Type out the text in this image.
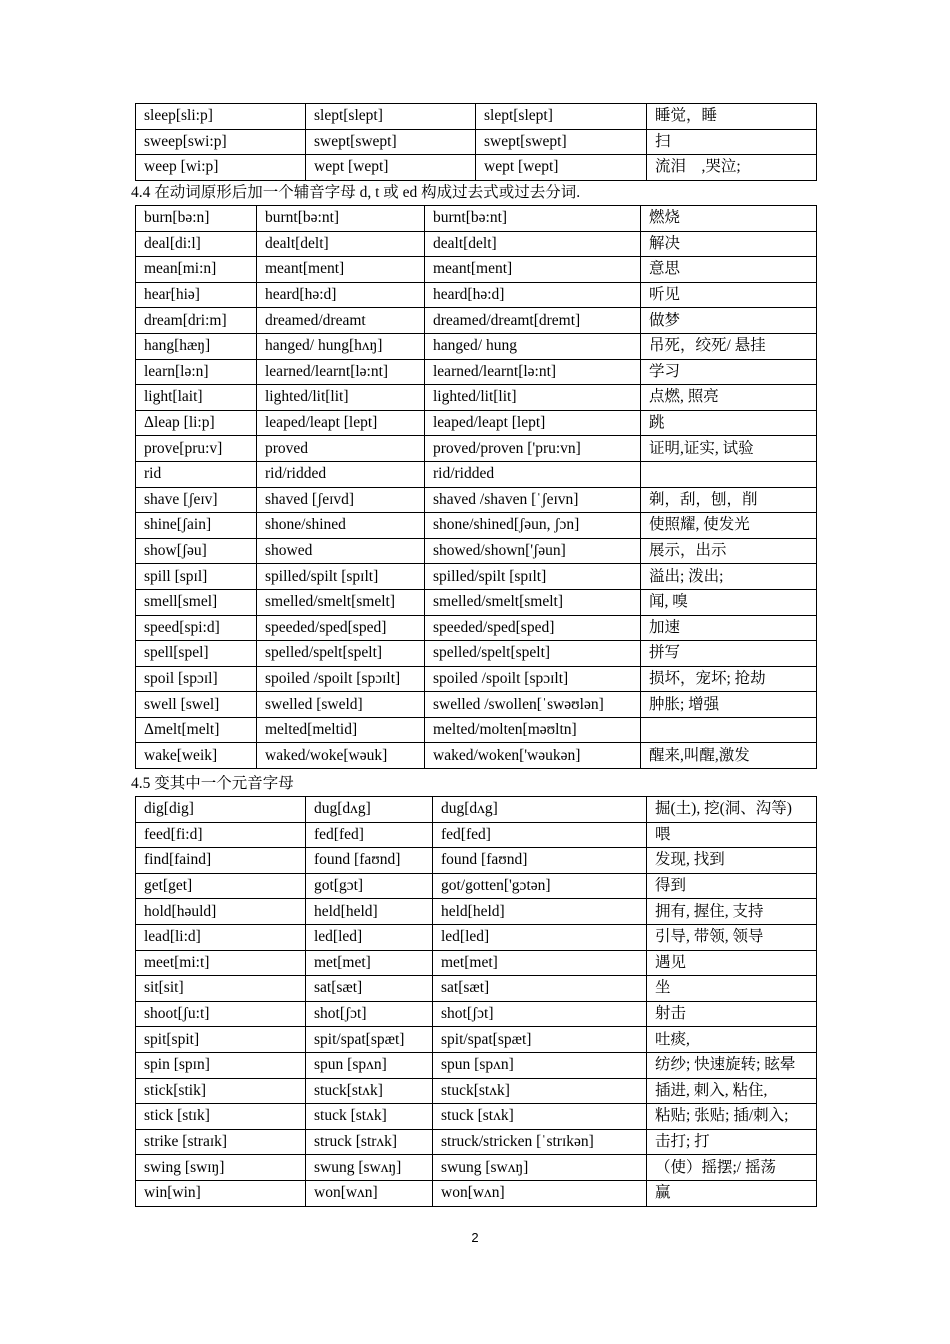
sleep[sli:p]	slept[slept]	slept[slept]	睡觉，睡
sweep[swi:p]	swept[swept]	swept[swept]	扫
weep [wi:p]	wept [wept]	wept [wept]	流泪　,哭泣;
4.4 在动词原形后加一个辅音字母 d, t 或 ed 构成过去式或过去分词.
burn[bə:n]	burnt[bə:nt]	burnt[bə:nt]	燃烧
deal[di:l]	dealt[delt]	dealt[delt]	解决
mean[mi:n]	meant[ment]	meant[ment]	意思
hear[hiə]	heard[hə:d]	heard[hə:d]	听见
dream[dri:m]	dreamed/dreamt	dreamed/dreamt[dremt]	做梦
hang[hæŋ]	hanged/ hung[hʌŋ]	hanged/ hung	吊死，绞死/ 悬挂
learn[lə:n]	learned/learnt[lə:nt]	learned/learnt[lə:nt]	学习
light[lait]	lighted/lit[lit]	lighted/lit[lit]	点燃, 照亮
Δleap [li:p]	leaped/leapt [lept]	leaped/leapt [lept]	跳
prove[pru:v]	proved	proved/proven ['pru:vn]	证明,证实, 试验
rid	rid/ridded	rid/ridded	
shave [ʃeɪv]	shaved [ʃeɪvd]	shaved /shaven [ˈʃeɪvn]	剃，刮，刨，削
shine[ʃain]	shone/shined	shone/shined[ʃəun, ʃɔn]	使照耀, 使发光
show[ʃəu]	showed	showed/shown['ʃəun]	展示，出示
spill [spɪl]	spilled/spilt [spɪlt]	spilled/spilt [spɪlt]	溢出; 泼出;
smell[smel]	smelled/smelt[smelt]	smelled/smelt[smelt]	闻, 嗅
speed[spi:d]	speeded/sped[sped]	speeded/sped[sped]	加速
spell[spel]	spelled/spelt[spelt]	spelled/spelt[spelt]	拼写
spoil [spɔɪl]	spoiled /spoilt [spɔɪlt]	spoiled /spoilt [spɔɪlt]	损坏，宠坏; 抢劫
swell [swel]	swelled [sweld]	swelled /swollen[ˈswəʊlən]	肿胀; 增强
Δmelt[melt]	melted[meltid]	melted/molten[məʊltn]	
wake[weik]	waked/woke[wəuk]	waked/woken['wəukən]	醒来,叫醒,激发
4.5 变其中一个元音字母
dig[dig]	dug[dʌg]	dug[dʌg]	掘(土), 挖(洞、沟等)
feed[fi:d]	fed[fed]	fed[fed]	喂
find[faind]	found [faʊnd]	found [faʊnd]	发现, 找到
get[get]	got[gɔt]	got/gotten['gɔtən]	得到
hold[həuld]	held[held]	held[held]	拥有, 握住, 支持
lead[li:d]	led[led]	led[led]	引导, 带领, 领导
meet[mi:t]	met[met]	met[met]	遇见
sit[sit]	sat[sæt]	sat[sæt]	坐
shoot[ʃu:t]	shot[ʃɔt]	shot[ʃɔt]	射击
spit[spit]	spit/spat[spæt]	spit/spat[spæt]	吐痰,
spin [spɪn]	spun [spʌn]	spun [spʌn]	纺纱; 快速旋转; 眩晕
stick[stik]	stuck[stʌk]	stuck[stʌk]	插进, 刺入, 粘住,
stick [stɪk]	stuck [stʌk]	stuck [stʌk]	粘贴; 张贴; 插/刺入;
strike [straɪk]	struck [strʌk]	struck/stricken [ˈstrɪkən]	击打; 打
swing [swɪŋ]	swung [swʌŋ]	swung [swʌŋ]	（使）摇摆;/ 摇荡
win[win]	won[wʌn]	won[wʌn]	赢
2
